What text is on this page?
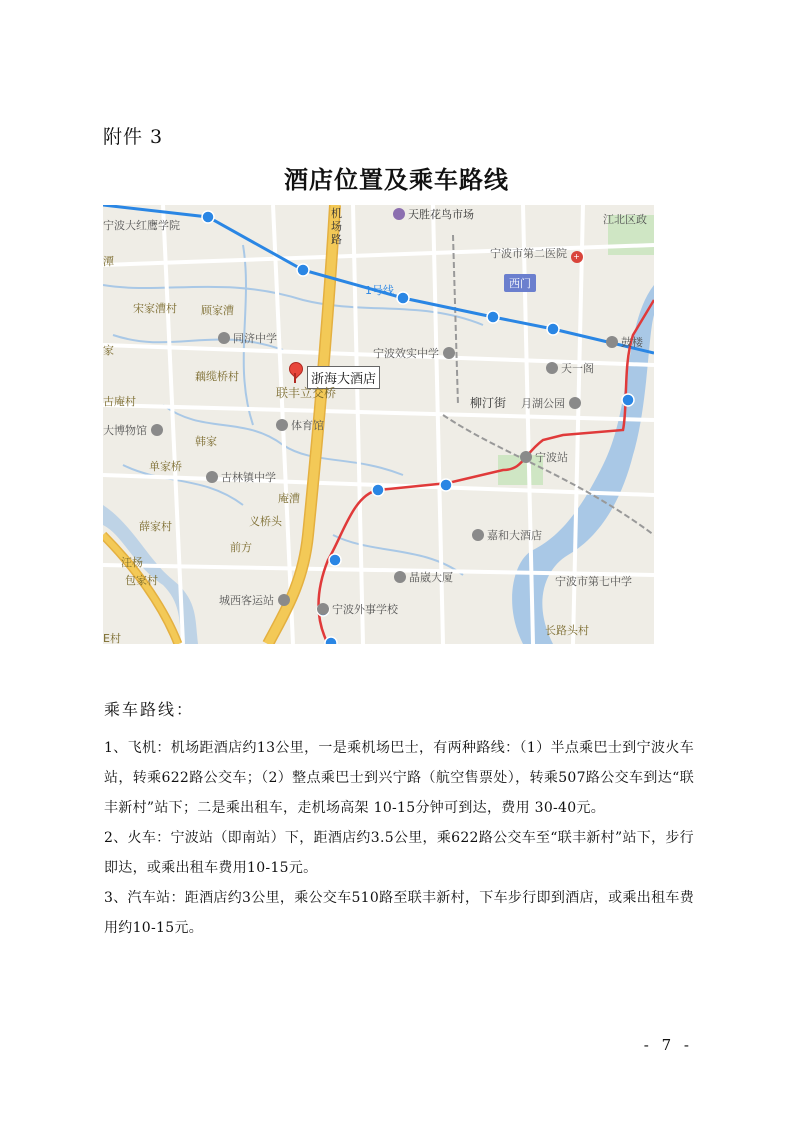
附件 3
酒店位置及乘车路线
机场路
天胜花鸟市场	江北区政
宁波大红鹰学院
潭
宁波市第二医院 +
西门
1号线
宋家漕村 顾家漕
同济中学
宁波效实中学
鼓楼
家
天一阁
藕缆桥村	浙海大酒店
联丰立交桥
柳汀街 月湖公园
古庵村
大博物馆	体育馆
韩家
宁波站
单家桥
古林镇中学
庵漕
薛家村	义桥头
嘉和大酒店
前方
汪杨
包家村	晶崴大厦	宁波市第七中学
城西客运站
宁波外事学校
长路头村
E村
乘车路线：

1、飞机：机场距酒店约13公里，一是乘机场巴士，有两种路线：（1）半点乘巴士到宁波火车站，转乘622路公交车；（2）整点乘巴士到兴宁路（航空售票处），转乘507路公交车到达“联丰新村”站下；二是乘出租车，走机场高架 10-15分钟可到达，费用 30-40元。

2、火车：宁波站（即南站）下，距酒店约3.5公里，乘622路公交车至“联丰新村”站下，步行即达，或乘出租车费用10-15元。

3、汽车站：距酒店约3公里，乘公交车510路至联丰新村，下车步行即到酒店，或乘出租车费用约10-15元。

- 7 -
